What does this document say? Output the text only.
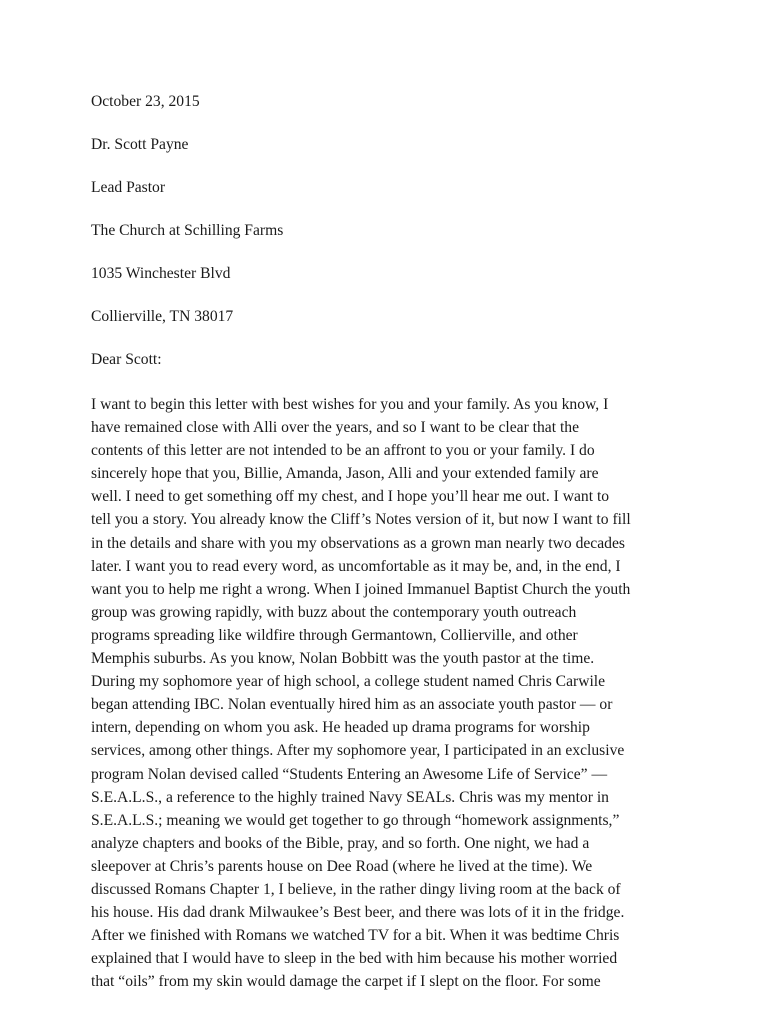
October 23, 2015
Dr. Scott Payne
Lead Pastor
The Church at Schilling Farms
1035 Winchester Blvd
Collierville, TN 38017
Dear Scott:
I want to begin this letter with best wishes for you and your family. As you know, I
have remained close with Alli over the years, and so I want to be clear that the
contents of this letter are not intended to be an affront to you or your family. I do
sincerely hope that you, Billie, Amanda, Jason, Alli and your extended family are
well. I need to get something off my chest, and I hope you’ll hear me out. I want to
tell you a story. You already know the Cliff’s Notes version of it, but now I want to fill
in the details and share with you my observations as a grown man nearly two decades
later. I want you to read every word, as uncomfortable as it may be, and, in the end, I
want you to help me right a wrong. When I joined Immanuel Baptist Church the youth
group was growing rapidly, with buzz about the contemporary youth outreach
programs spreading like wildfire through Germantown, Collierville, and other
Memphis suburbs. As you know, Nolan Bobbitt was the youth pastor at the time.
During my sophomore year of high school, a college student named Chris Carwile
began attending IBC. Nolan eventually hired him as an associate youth pastor — or
intern, depending on whom you ask. He headed up drama programs for worship
services, among other things. After my sophomore year, I participated in an exclusive
program Nolan devised called “Students Entering an Awesome Life of Service” —
S.E.A.L.S., a reference to the highly trained Navy SEALs. Chris was my mentor in
S.E.A.L.S.; meaning we would get together to go through “homework assignments,”
analyze chapters and books of the Bible, pray, and so forth. One night, we had a
sleepover at Chris’s parents house on Dee Road (where he lived at the time). We
discussed Romans Chapter 1, I believe, in the rather dingy living room at the back of
his house. His dad drank Milwaukee’s Best beer, and there was lots of it in the fridge.
After we finished with Romans we watched TV for a bit. When it was bedtime Chris
explained that I would have to sleep in the bed with him because his mother worried
that “oils” from my skin would damage the carpet if I slept on the floor. For some
